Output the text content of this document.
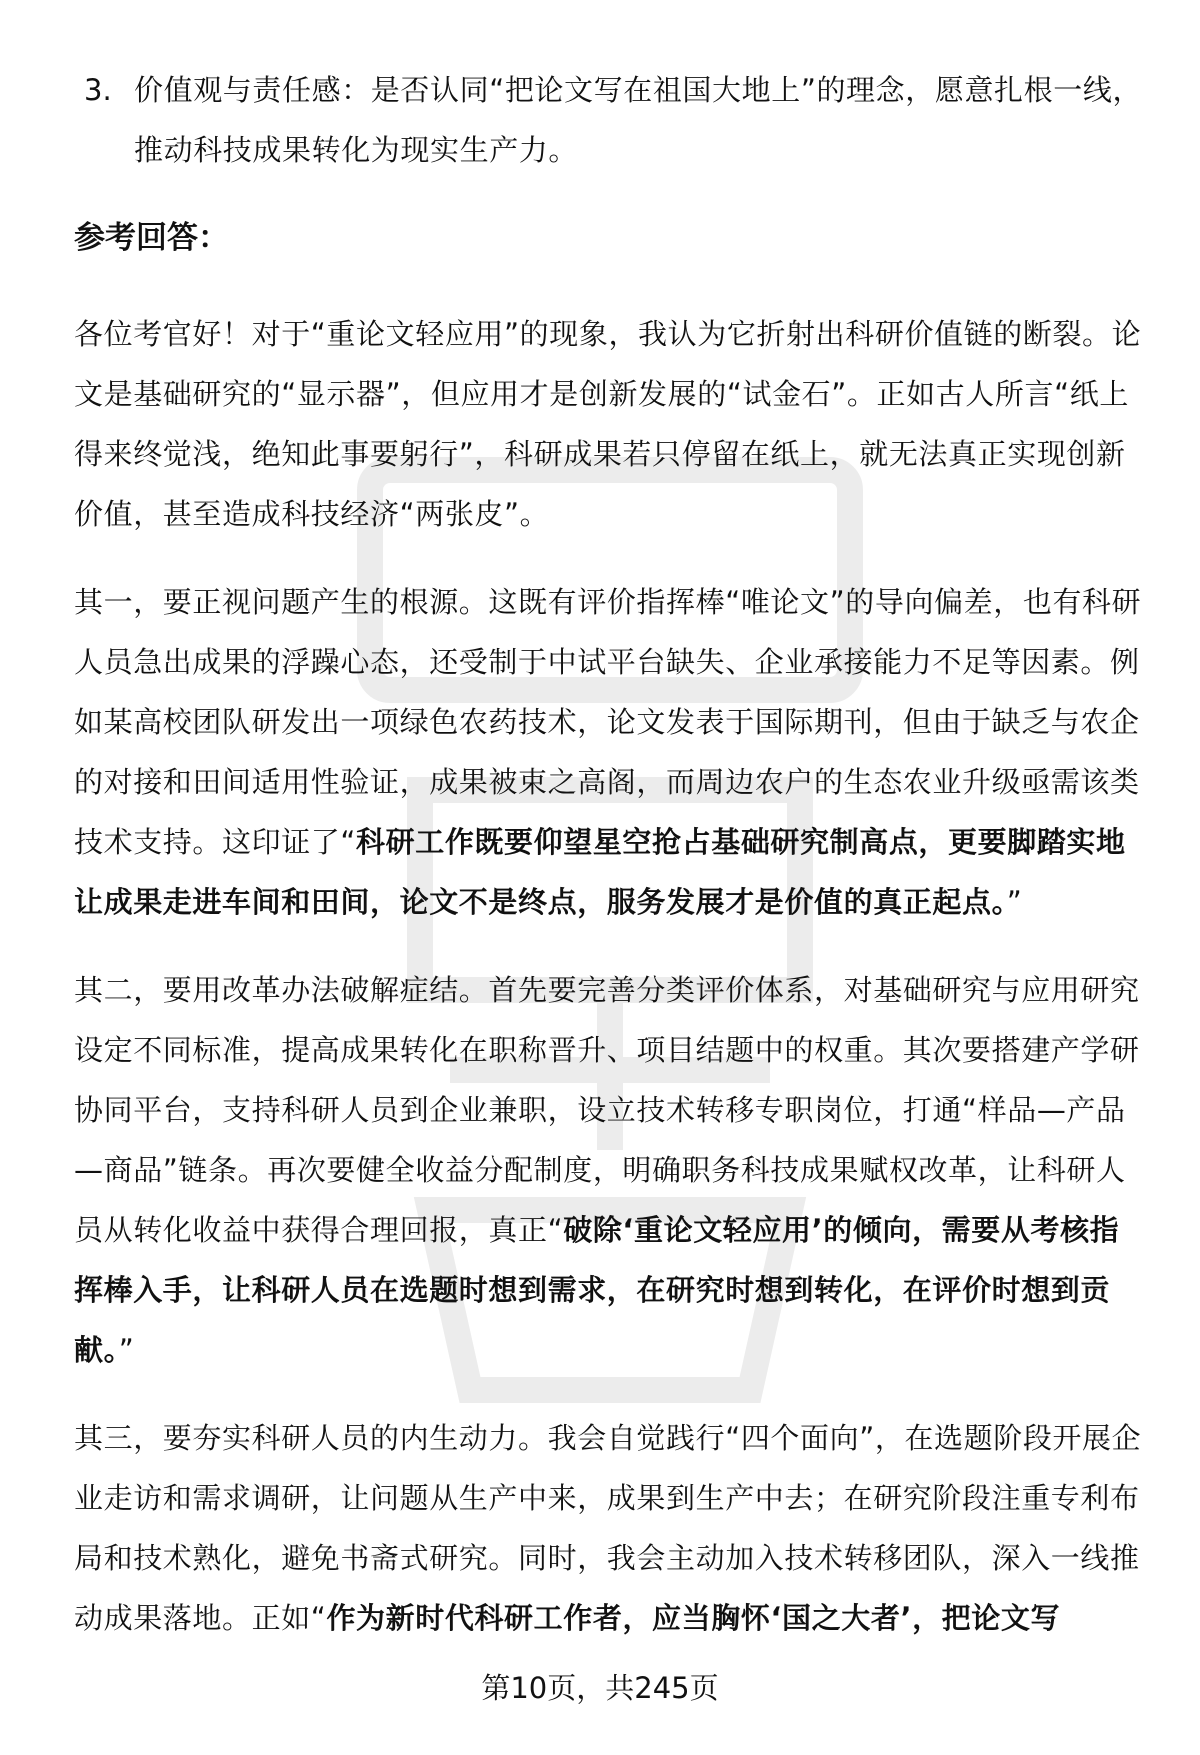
3. 价值观与责任感：是否认同“把论文写在祖国大地上”的理念，愿意扎根一线，推动科技成果转化为现实生产力。
参考回答：

各位考官好！对于“重论文轻应用”的现象，我认为它折射出科研价值链的断裂。论文是基础研究的“显示器”，但应用才是创新发展的“试金石”。正如古人所言“纸上得来终觉浅，绝知此事要躬行”，科研成果若只停留在纸上，就无法真正实现创新价值，甚至造成科技经济“两张皮”。

其一，要正视问题产生的根源。这既有评价指挥棒“唯论文”的导向偏差，也有科研人员急出成果的浮躁心态，还受制于中试平台缺失、企业承接能力不足等因素。例如某高校团队研发出一项绿色农药技术，论文发表于国际期刊，但由于缺乏与农企的对接和田间适用性验证，成果被束之高阁，而周边农户的生态农业升级亟需该类技术支持。这印证了“科研工作既要仰望星空抢占基础研究制高点，更要脚踏实地让成果走进车间和田间，论文不是终点，服务发展才是价值的真正起点。”

其二，要用改革办法破解症结。首先要完善分类评价体系，对基础研究与应用研究设定不同标准，提高成果转化在职称晋升、项目结题中的权重。其次要搭建产学研协同平台，支持科研人员到企业兼职，设立技术转移专职岗位，打通“样品—产品—商品”链条。再次要健全收益分配制度，明确职务科技成果赋权改革，让科研人员从转化收益中获得合理回报，真正“破除‘重论文轻应用’的倾向，需要从考核指挥棒入手，让科研人员在选题时想到需求，在研究时想到转化，在评价时想到贡献。”

其三，要夯实科研人员的内生动力。我会自觉践行“四个面向”，在选题阶段开展企业走访和需求调研，让问题从生产中来，成果到生产中去；在研究阶段注重专利布局和技术熟化，避免书斋式研究。同时，我会主动加入技术转移团队，深入一线推动成果落地。正如“作为新时代科研工作者，应当胸怀‘国之大者’，把论文写

第10页，共245页
